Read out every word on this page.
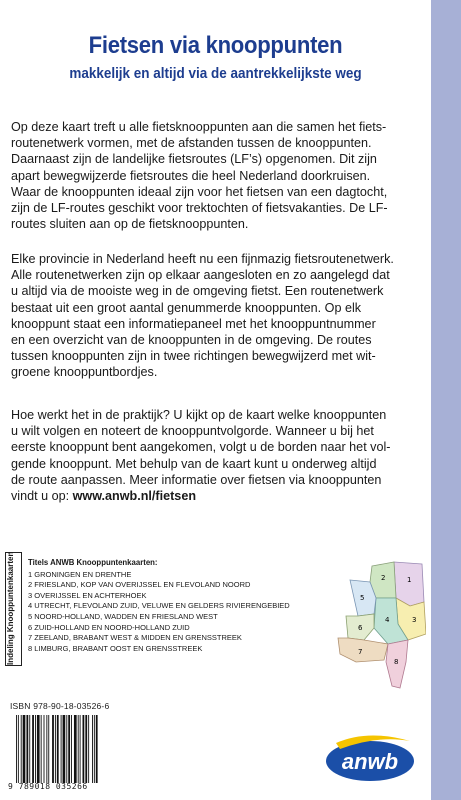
Fietsen via knooppunten
makkelijk en altijd via de aantrekkelijkste weg
Op deze kaart treft u alle fietsknooppunten aan die samen het fiets-
routenetwerk vormen, met de afstanden tussen de knooppunten.
Daarnaast zijn de landelijke fietsroutes (LF’s) opgenomen. Dit zijn
apart bewegwijzerde fietsroutes die heel Nederland doorkruisen.
Waar de knooppunten ideaal zijn voor het fietsen van een dagtocht,
zijn de LF-routes geschikt voor trektochten of fietsvakanties. De LF-
routes sluiten aan op de fietsknooppunten.
Elke provincie in Nederland heeft nu een fijnmazig fietsroutenetwerk.
Alle routenetwerken zijn op elkaar aangesloten en zo aangelegd dat
u altijd via de mooiste weg in de omgeving fietst. Een routenetwerk
bestaat uit een groot aantal genummerde knooppunten. Op elk
knooppunt staat een informatiepaneel met het knooppuntnummer
en een overzicht van de knooppunten in de omgeving. De routes
tussen knooppunten zijn in twee richtingen bewegwijzerd met wit-
groene knooppuntbordjes.
Hoe werkt het in de praktijk? U kijkt op de kaart welke knooppunten
u wilt volgen en noteert de knooppuntvolgorde. Wanneer u bij het
eerste knooppunt bent aangekomen, volgt u de borden naar het vol-
gende knooppunt. Met behulp van de kaart kunt u onderweg altijd
de route aanpassen. Meer informatie over fietsen via knooppunten
vindt u op: www.anwb.nl/fietsen
Indeling Knooppuntenkaarten	Titels ANWB Knooppuntenkaarten:
1 GRONINGEN EN DRENTHE
2 FRIESLAND, KOP VAN OVERIJSSEL EN FLEVOLAND NOORD
3 OVERIJSSEL EN ACHTERHOEK
4 UTRECHT, FLEVOLAND ZUID, VELUWE EN GELDERS RIVIERENGEBIED
5 NOORD-HOLLAND, WADDEN EN FRIESLAND WEST
6 ZUID-HOLLAND EN NOORD-HOLLAND ZUID
7 ZEELAND, BRABANT WEST & MIDDEN EN GRENSSTREEK
8 LIMBURG, BRABANT OOST EN GRENSSTREEK
1
2
3
4
5
6
7
8
ISBN 978-90-18-03526-6
9 789018 035266
anwb
